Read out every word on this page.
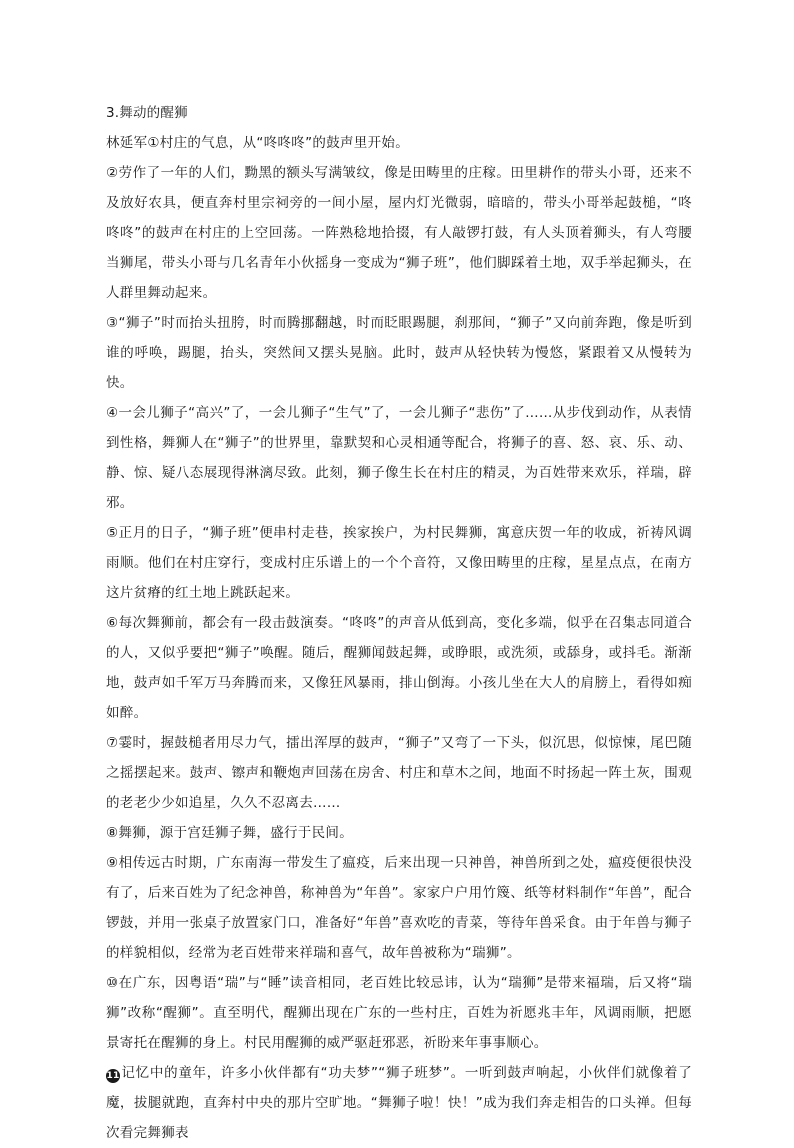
3.舞动的醒狮

林延军①村庄的气息，从“咚咚咚”的鼓声里开始。

②劳作了一年的人们，黝黑的额头写满皱纹，像是田畴里的庄稼。田里耕作的带头小哥，还来不及放好农具，便直奔村里宗祠旁的一间小屋，屋内灯光微弱，暗暗的，带头小哥举起鼓槌，“咚咚咚”的鼓声在村庄的上空回荡。一阵熟稔地拾掇，有人敲锣打鼓，有人头顶着狮头，有人弯腰当狮尾，带头小哥与几名青年小伙摇身一变成为“狮子班”，他们脚踩着土地，双手举起狮头，在人群里舞动起来。

③“狮子”时而抬头扭胯，时而腾挪翻越，时而眨眼踢腿，刹那间，“狮子”又向前奔跑，像是听到谁的呼唤，踢腿，抬头，突然间又摆头晃脑。此时，鼓声从轻快转为慢悠，紧跟着又从慢转为快。

④一会儿狮子“高兴”了，一会儿狮子“生气”了，一会儿狮子“悲伤”了……从步伐到动作，从表情到性格，舞狮人在“狮子”的世界里，靠默契和心灵相通等配合，将狮子的喜、怒、哀、乐、动、静、惊、疑八态展现得淋漓尽致。此刻，狮子像生长在村庄的精灵，为百姓带来欢乐，祥瑞，辟邪。

⑤正月的日子，“狮子班”便串村走巷，挨家挨户，为村民舞狮，寓意庆贺一年的收成，祈祷风调雨顺。他们在村庄穿行，变成村庄乐谱上的一个个音符，又像田畴里的庄稼，星星点点，在南方这片贫瘠的红土地上跳跃起来。

⑥每次舞狮前，都会有一段击鼓演奏。“咚咚”的声音从低到高，变化多端，似乎在召集志同道合的人，又似乎要把“狮子”唤醒。随后，醒狮闻鼓起舞，或睁眼，或洗须，或舔身，或抖毛。渐渐地，鼓声如千军万马奔腾而来，又像狂风暴雨，排山倒海。小孩儿坐在大人的肩膀上，看得如痴如醉。

⑦霎时，握鼓槌者用尽力气，擂出浑厚的鼓声，“狮子”又弯了一下头，似沉思，似惊悚，尾巴随之摇摆起来。鼓声、镲声和鞭炮声回荡在房舍、村庄和草木之间，地面不时扬起一阵土灰，围观的老老少少如追星，久久不忍离去……

⑧舞狮，源于宫廷狮子舞，盛行于民间。

⑨相传远古时期，广东南海一带发生了瘟疫，后来出现一只神兽，神兽所到之处，瘟疫便很快没有了，后来百姓为了纪念神兽，称神兽为“年兽”。家家户户用竹篾、纸等材料制作“年兽”，配合锣鼓，并用一张桌子放置家门口，准备好“年兽”喜欢吃的青菜，等待年兽采食。由于年兽与狮子的样貌相似，经常为老百姓带来祥瑞和喜气，故年兽被称为“瑞狮”。

⑩在广东，因粤语“瑞”与“睡”读音相同，老百姓比较忌讳，认为“瑞狮”是带来福瑞，后又将“瑞狮”改称“醒狮”。直至明代，醒狮出现在广东的一些村庄，百姓为祈愿兆丰年，风调雨顺，把愿景寄托在醒狮的身上。村民用醒狮的威严驱赶邪恶，祈盼来年事事顺心。

11记忆中的童年，许多小伙伴都有“功夫梦”“狮子班梦”。一听到鼓声响起，小伙伴们就像着了魔，拔腿就跑，直奔村中央的那片空旷地。“舞狮子啦！快！”成为我们奔走相告的口头禅。但每次看完舞狮表
